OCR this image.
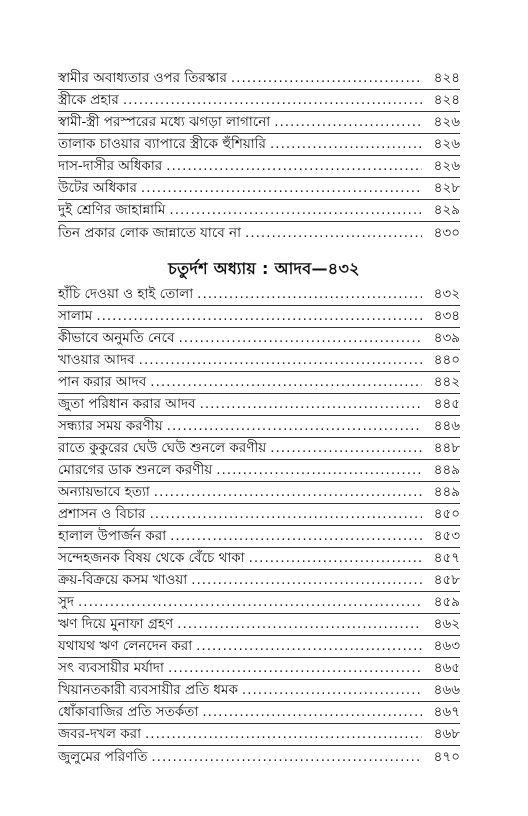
স্বামীর অবাধ্যতার ওপর তিরস্কার .....	৪২৪
স্ত্রীকে প্রহার .....	৪২৪
স্বামী-স্ত্রী পরস্পরের মধ্যে ঝগড়া লাগানো .....	৪২৬
তালাক চাওয়ার ব্যাপারে স্ত্রীকে হুঁশিয়ারি .....	৪২৬
দাস-দাসীর অধিকার .....	৪২৬
উটের অধিকার .....	৪২৮
দুই শ্রেণির জাহান্নামি .....	৪২৯
তিন প্রকার লোক জান্নাতে যাবে না .....	৪৩০
চতুর্দশ অধ্যায় : আদব—৪৩২
হাঁচি দেওয়া ও হাই তোলা .....	৪৩২
সালাম .....	৪৩৪
কীভাবে অনুমতি নেবে .....	৪৩৯
খাওয়ার আদব .....	৪৪০
পান করার আদব .....	৪৪২
জুতা পরিধান করার আদব .....	৪৪৫
সন্ধ্যার সময় করণীয় .....	৪৪৬
রাতে কুকুরের ঘেউ ঘেউ শুনলে করণীয় .....	৪৪৮
মোরগের ডাক শুনলে করণীয় .....	৪৪৯
অন্যায়ভাবে হত্যা .....	৪৪৯
প্রশাসন ও বিচার .....	৪৫০
হালাল উপার্জন করা .....	৪৫৩
সন্দেহজনক বিষয় থেকে বেঁচে থাকা .....	৪৫৭
ক্রয়-বিক্রয়ে কসম খাওয়া .....	৪৫৮
সুদ .....	৪৫৯
ঋণ দিয়ে মুনাফা গ্রহণ .....	৪৬২
যথাযথ ঋণ লেনদেন করা .....	৪৬৩
সৎ ব্যবসায়ীর মর্যাদা .....	৪৬৫
খিয়ানতকারী ব্যবসায়ীর প্রতি ধমক .....	৪৬৬
ধোঁকাবাজির প্রতি সতর্কতা .....	৪৬৭
জবর-দখল করা .....	৪৬৮
জুলুমের পরিণতি .....	৪৭০
